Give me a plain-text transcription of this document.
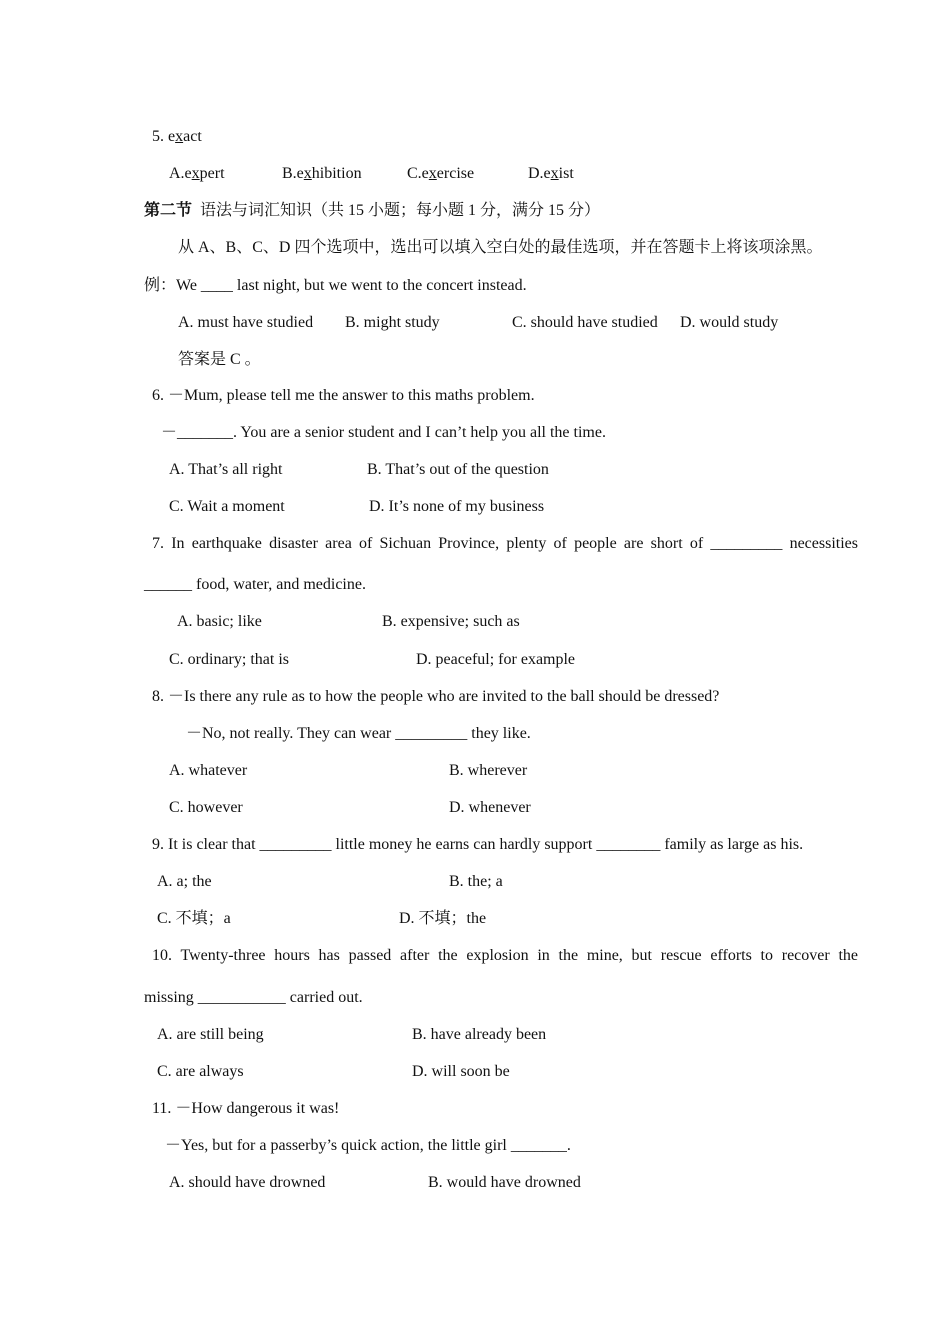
5. exact
A.expert	B.exhibition	C.exercise	D.exist
第二节 语法与词汇知识（共 15 小题；每小题 1 分，满分 15 分）
从 A、B、C、D 四个选项中，选出可以填入空白处的最佳选项，并在答题卡上将该项涂黑。
例：We ____ last night, but we went to the concert instead.
A. must have studied B. might study	C. should have studied D. would study
答案是 C 。
6. －Mum, please tell me the answer to this maths problem.
－_______. You are a senior student and I can’t help you all the time.
A. That’s all right	B. That’s out of the question
C. Wait a moment	D. It’s none of my business
7. In earthquake disaster area of Sichuan Province, plenty of people are short of _________ necessities
______ food, water, and medicine.
A. basic; like	B. expensive; such as
C. ordinary; that is	D. peaceful; for example
8. －Is there any rule as to how the people who are invited to the ball should be dressed?
－No, not really. They can wear _________ they like.
A. whatever	B. wherever
C. however	D. whenever
9. It is clear that _________ little money he earns can hardly support ________ family as large as his.
A. a; the	B. the; a
C. 不填；a	D. 不填；the
10. Twenty-three hours has passed after the explosion in the mine, but rescue efforts to recover the
missing ___________ carried out.
A. are still being	B. have already been
C. are always	D. will soon be
11. －How dangerous it was!
－Yes, but for a passerby’s quick action, the little girl _______.
A. should have drowned	B. would have drowned
